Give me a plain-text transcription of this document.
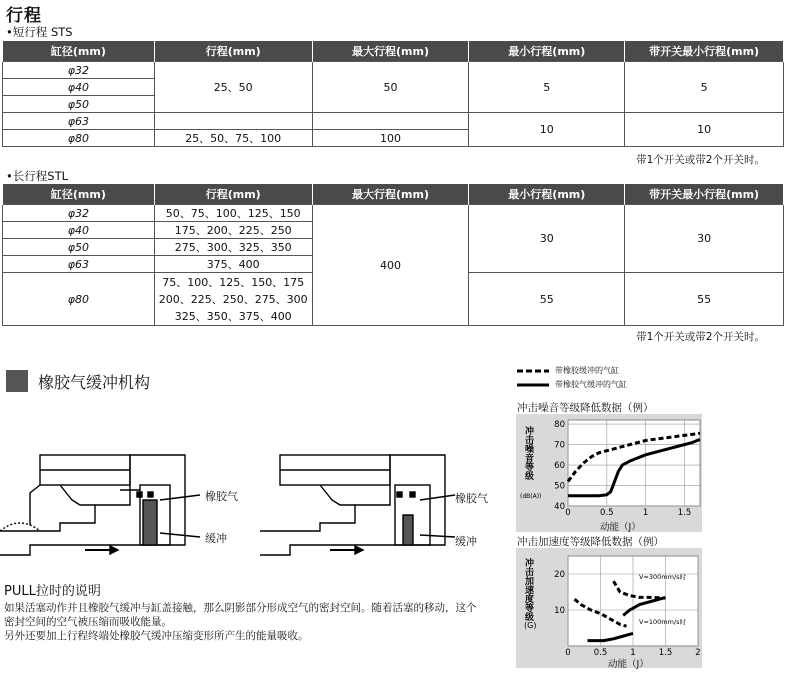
行程
•短行程 STS
缸径(mm)	行程(mm)	最大行程(mm)	最小行程(mm)	带开关最小行程(mm)
φ32	25、50	50	5	5
φ40				
φ50				
φ63			10	10
φ80	25、50、75、100	100		
带1个开关或带2个开关时。
•长行程STL
缸径(mm)	行程(mm)	最大行程(mm)	最小行程(mm)	带开关最小行程(mm)
φ32	50、75、100、125、150	400	30	30
φ40	175、200、225、250			
φ50	275、300、325、350			
φ63	375、400			
φ80	75、100、125、150、175
200、225、250、275、300
325、350、375、400		55	55
带1个开关或带2个开关时。
橡胶气缓冲机构
橡胶气
缓冲
橡胶气
缓冲
PULL拉时的说明
如果活塞动作并且橡胶气缓冲与缸盖接触，那么阴影部分形成空气的密封空间。随着活塞的移动，这个
密封空间的空气被压缩而吸收能量。
另外还要加上行程终端处橡胶气缓冲压缩变形所产生的能量吸收。
带橡胶缓冲的气缸
带橡胶气缓冲的气缸
冲击噪音等级降低数据（例）
0	0.5	1	1.5
40
50
60
70
80
冲击噪音等级
(dB(A))
动能（J）
冲击加速度等级降低数据（例）
0	0.5	1	1.5	2
10
20
冲击加速度等级
(G)
V=300mm/s时
V=100mm/s时
动能（J）
